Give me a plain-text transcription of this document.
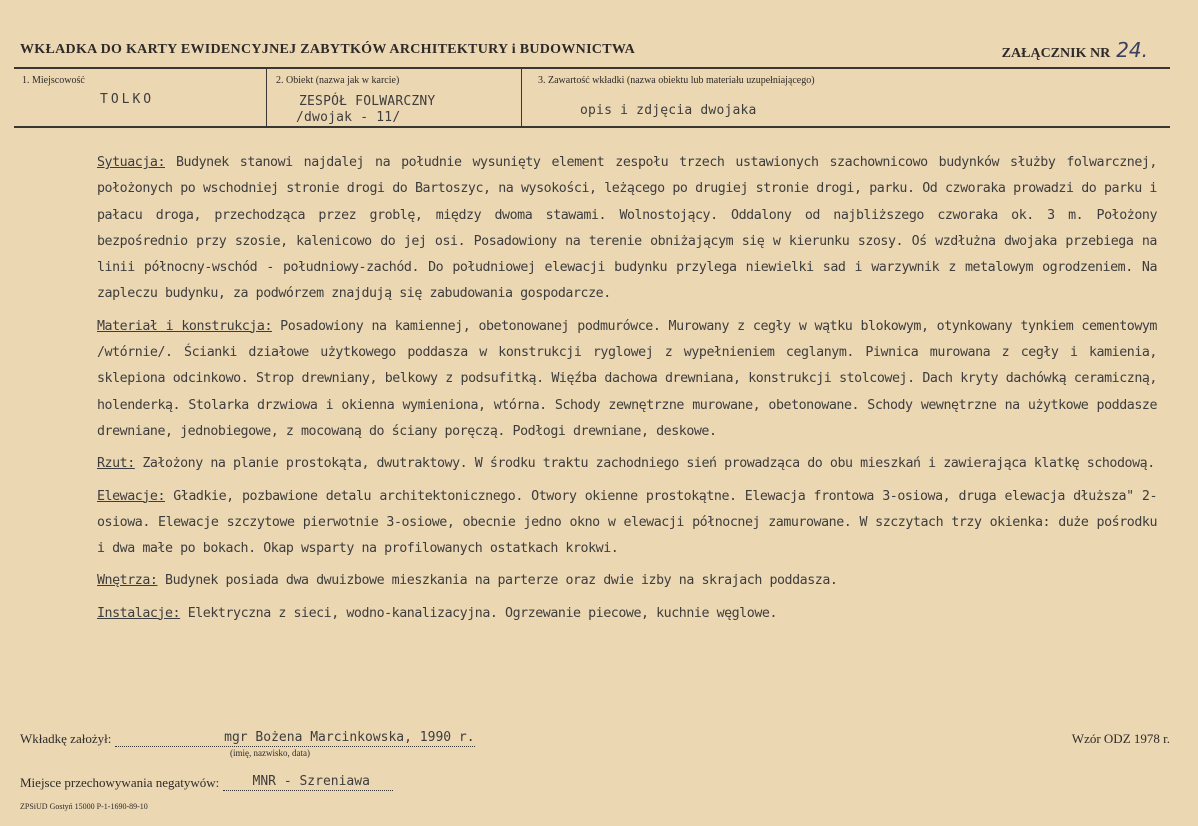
WKŁADKA DO KARTY EWIDENCYJNEJ ZABYTKÓW ARCHITEKTURY i BUDOWNICTWA	ZAŁĄCZNIK NR 24.
1. Miejscowość
TOLKO
2. Obiekt (nazwa jak w karcie)
ZESPÓŁ FOLWARCZNY
/dwojak - 11/
3. Zawartość wkładki (nazwa obiektu lub materiału uzupełniającego)
opis i zdjęcia dwojaka

Sytuacja: Budynek stanowi najdalej na południe wysunięty element zespołu trzech ustawionych szachownicowo budynków służby folwarcznej, położonych po wschodniej stronie drogi do Bartoszyc, na wysokości, leżącego po drugiej stronie drogi, parku. Od czworaka prowadzi do parku i pałacu droga, przechodząca przez groblę, między dwoma stawami. Wolnostojący. Oddalony od najbliższego czworaka ok. 3 m. Położony bezpośrednio przy szosie, kalenicowo do jej osi. Posadowiony na terenie obniżającym się w kierunku szosy. Oś wzdłużna dwojaka przebiega na linii północny-wschód - południowy-zachód. Do południowej elewacji budynku przylega niewielki sad i warzywnik z metalowym ogrodzeniem. Na zapleczu budynku, za podwórzem znajdują się zabudowania gospodarcze.

Materiał i konstrukcja: Posadowiony na kamiennej, obetonowanej podmurówce. Murowany z cegły w wątku blokowym, otynkowany tynkiem cementowym /wtórnie/. Ścianki działowe użytkowego poddasza w konstrukcji ryglowej z wypełnieniem ceglanym. Piwnica murowana z cegły i kamienia, sklepiona odcinkowo. Strop drewniany, belkowy z podsufitką. Więźba dachowa drewniana, konstrukcji stolcowej. Dach kryty dachówką ceramiczną, holenderką. Stolarka drzwiowa i okienna wymieniona, wtórna. Schody zewnętrzne murowane, obetonowane. Schody wewnętrzne na użytkowe poddasze drewniane, jednobiegowe, z mocowaną do ściany poręczą. Podłogi drewniane, deskowe.

Rzut: Założony na planie prostokąta, dwutraktowy. W środku traktu zachodniego sień prowadząca do obu mieszkań i zawierająca klatkę schodową.

Elewacje: Gładkie, pozbawione detalu architektonicznego. Otwory okienne prostokątne. Elewacja frontowa 3-osiowa, druga elewacja dłuższa" 2-osiowa. Elewacje szczytowe pierwotnie 3-osiowe, obecnie jedno okno w elewacji północnej zamurowane. W szczytach trzy okienka: duże pośrodku i dwa małe po bokach. Okap wsparty na profilowanych ostatkach krokwi.

Wnętrza: Budynek posiada dwa dwuizbowe mieszkania na parterze oraz dwie izby na skrajach poddasza.

Instalacje: Elektryczna z sieci, wodno-kanalizacyjna. Ogrzewanie piecowe, kuchnie węglowe.

Wkładkę założył:	mgr Bożena Marcinkowska, 1990 r.
(imię, nazwisko, data)
Wzór ODZ 1978 r.
Miejsce przechowywania negatywów:	MNR - Szreniawa
ZPSiUD Gostyń 15000 P-1-1690-89-10
